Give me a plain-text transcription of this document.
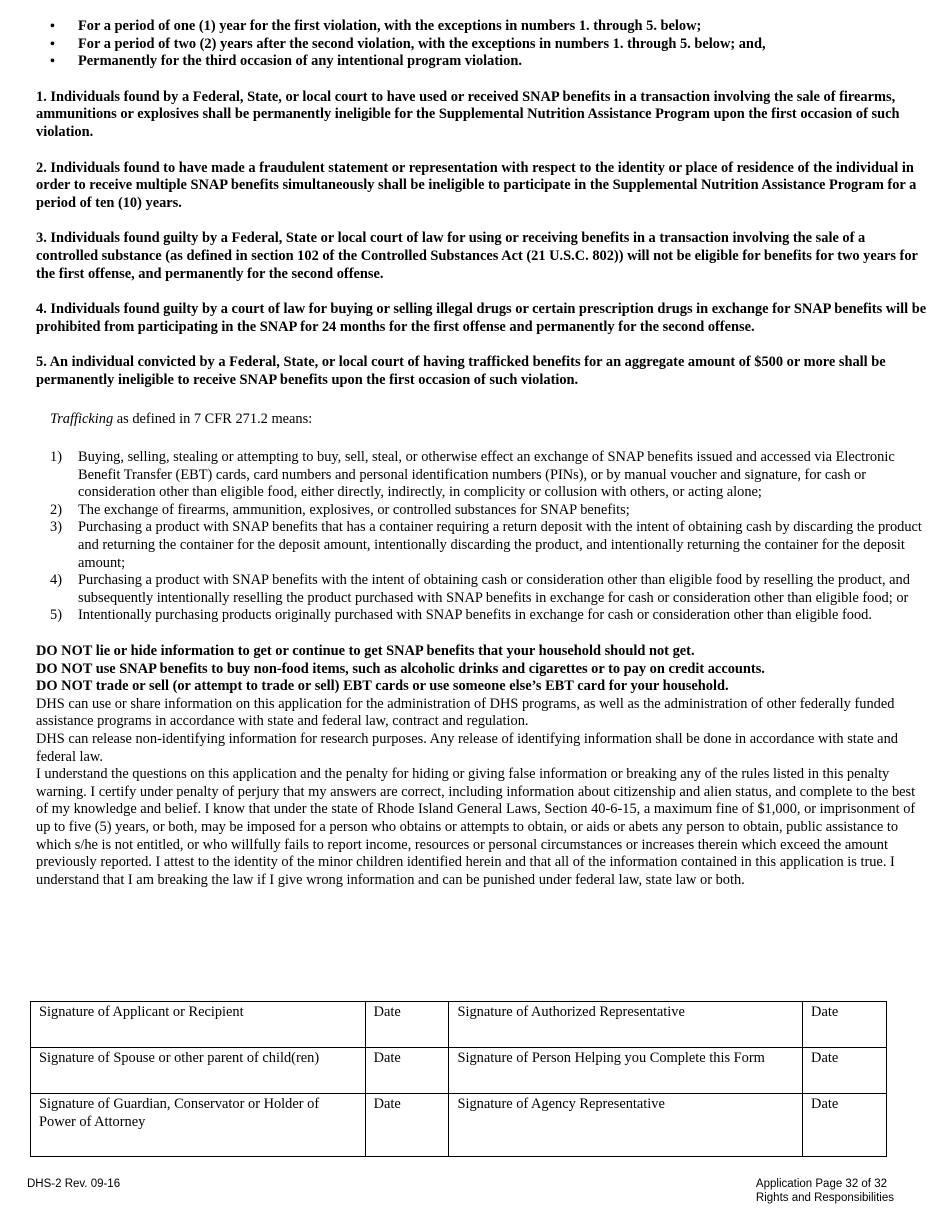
• For a period of one (1) year for the first violation, with the exceptions in numbers 1. through 5. below;
• For a period of two (2) years after the second violation, with the exceptions in numbers 1. through 5. below; and,
• Permanently for the third occasion of any intentional program violation.

1. Individuals found by a Federal, State, or local court to have used or received SNAP benefits in a transaction involving the sale of firearms, ammunitions or explosives shall be permanently ineligible for the Supplemental Nutrition Assistance Program upon the first occasion of such violation.

2. Individuals found to have made a fraudulent statement or representation with respect to the identity or place of residence of the individual in order to receive multiple SNAP benefits simultaneously shall be ineligible to participate in the Supplemental Nutrition Assistance Program for a period of ten (10) years.

3. Individuals found guilty by a Federal, State or local court of law for using or receiving benefits in a transaction involving the sale of a controlled substance (as defined in section 102 of the Controlled Substances Act (21 U.S.C. 802)) will not be eligible for benefits for two years for the first offense, and permanently for the second offense.

4. Individuals found guilty by a court of law for buying or selling illegal drugs or certain prescription drugs in exchange for SNAP benefits will be prohibited from participating in the SNAP for 24 months for the first offense and permanently for the second offense.

5. An individual convicted by a Federal, State, or local court of having trafficked benefits for an aggregate amount of $500 or more shall be permanently ineligible to receive SNAP benefits upon the first occasion of such violation.

Trafficking as defined in 7 CFR 271.2 means:

1) Buying, selling, stealing or attempting to buy, sell, steal, or otherwise effect an exchange of SNAP benefits issued and accessed via Electronic Benefit Transfer (EBT) cards, card numbers and personal identification numbers (PINs), or by manual voucher and signature, for cash or consideration other than eligible food, either directly, indirectly, in complicity or collusion with others, or acting alone;
2) The exchange of firearms, ammunition, explosives, or controlled substances for SNAP benefits;
3) Purchasing a product with SNAP benefits that has a container requiring a return deposit with the intent of obtaining cash by discarding the product and returning the container for the deposit amount, intentionally discarding the product, and intentionally returning the container for the deposit amount;
4) Purchasing a product with SNAP benefits with the intent of obtaining cash or consideration other than eligible food by reselling the product, and subsequently intentionally reselling the product purchased with SNAP benefits in exchange for cash or consideration other than eligible food; or
5) Intentionally purchasing products originally purchased with SNAP benefits in exchange for cash or consideration other than eligible food.
DO NOT lie or hide information to get or continue to get SNAP benefits that your household should not get.
DO NOT use SNAP benefits to buy non-food items, such as alcoholic drinks and cigarettes or to pay on credit accounts.
DO NOT trade or sell (or attempt to trade or sell) EBT cards or use someone else’s EBT card for your household.

DHS can use or share information on this application for the administration of DHS programs, as well as the administration of other federally funded assistance programs in accordance with state and federal law, contract and regulation.

DHS can release non-identifying information for research purposes. Any release of identifying information shall be done in accordance with state and federal law.

I understand the questions on this application and the penalty for hiding or giving false information or breaking any of the rules listed in this penalty warning. I certify under penalty of perjury that my answers are correct, including information about citizenship and alien status, and complete to the best of my knowledge and belief. I know that under the state of Rhode Island General Laws, Section 40-6-15, a maximum fine of $1,000, or imprisonment of up to five (5) years, or both, may be imposed for a person who obtains or attempts to obtain, or aids or abets any person to obtain, public assistance to which s/he is not entitled, or who willfully fails to report income, resources or personal circumstances or increases therein which exceed the amount previously reported. I attest to the identity of the minor children identified herein and that all of the information contained in this application is true. I understand that I am breaking the law if I give wrong information and can be punished under federal law, state law or both.

Signature of Applicant or Recipient	Date	Signature of Authorized Representative	Date
Signature of Spouse or other parent of child(ren)	Date	Signature of Person Helping you Complete this Form	Date
Signature of Guardian, Conservator or Holder of Power of Attorney	Date	Signature of Agency Representative	Date
DHS-2 Rev. 09-16	Application Page 32 of 32
Rights and Responsibilities
